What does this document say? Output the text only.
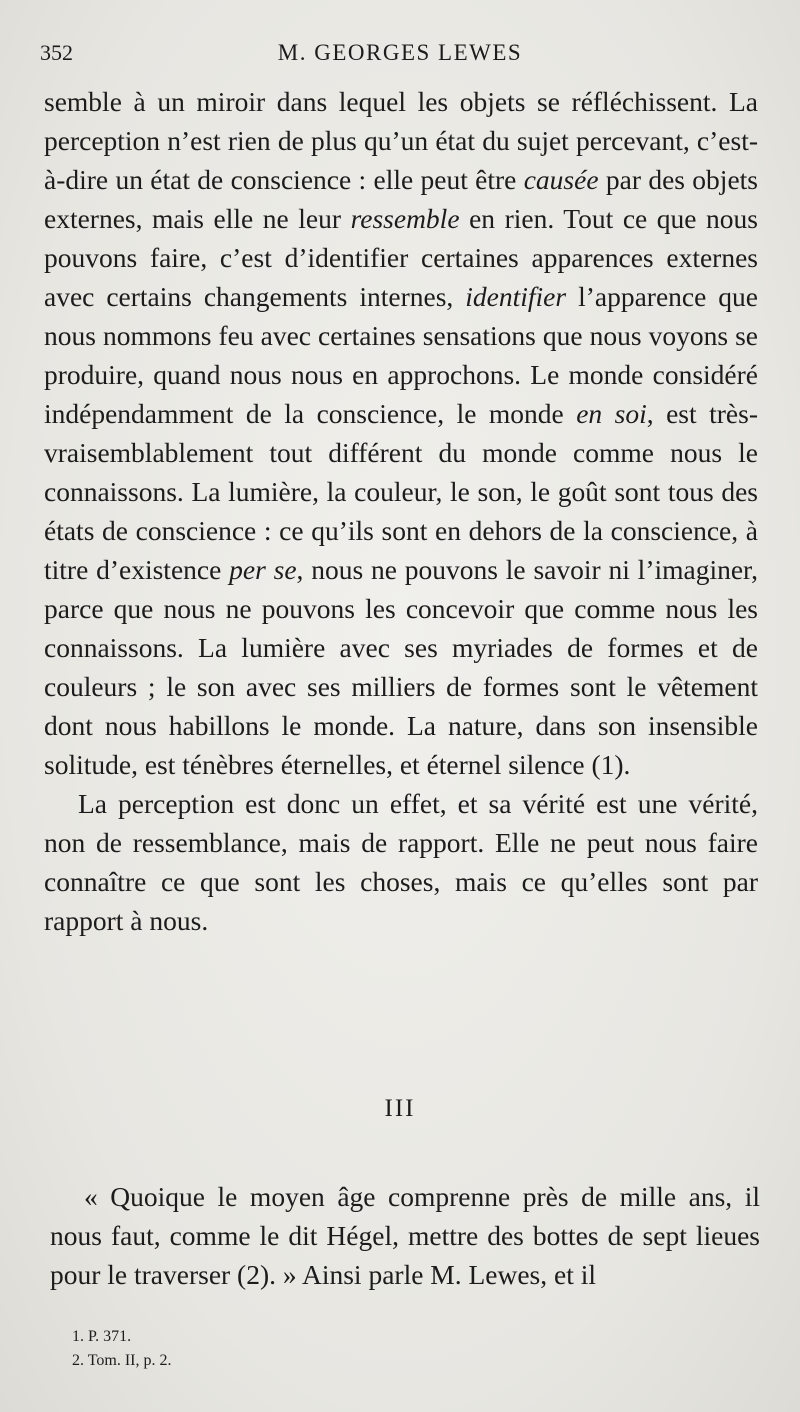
352	M. GEORGES LEWES

semble à un miroir dans lequel les objets se réfléchissent. La perception n’est rien de plus qu’un état du sujet percevant, c’est-à-dire un état de conscience : elle peut être causée par des objets externes, mais elle ne leur ressemble en rien. Tout ce que nous pouvons faire, c’est d’identifier certaines apparences externes avec certains changements internes, identifier l’apparence que nous nommons feu avec certaines sensations que nous voyons se produire, quand nous nous en approchons. Le monde considéré indépendamment de la conscience, le monde en soi, est très-vraisemblablement tout différent du monde comme nous le connaissons. La lumière, la couleur, le son, le goût sont tous des états de conscience : ce qu’ils sont en dehors de la conscience, à titre d’existence per se, nous ne pouvons le savoir ni l’imaginer, parce que nous ne pouvons les concevoir que comme nous les connaissons. La lumière avec ses myriades de formes et de couleurs ; le son avec ses milliers de formes sont le vêtement dont nous habillons le monde. La nature, dans son insensible solitude, est ténèbres éternelles, et éternel silence (1).

La perception est donc un effet, et sa vérité est une vérité, non de ressemblance, mais de rapport. Elle ne peut nous faire connaître ce que sont les choses, mais ce qu’elles sont par rapport à nous.

III

« Quoique le moyen âge comprenne près de mille ans, il nous faut, comme le dit Hégel, mettre des bottes de sept lieues pour le traverser (2). » Ainsi parle M. Lewes, et il

1. P. 371.
2. Tom. II, p. 2.
